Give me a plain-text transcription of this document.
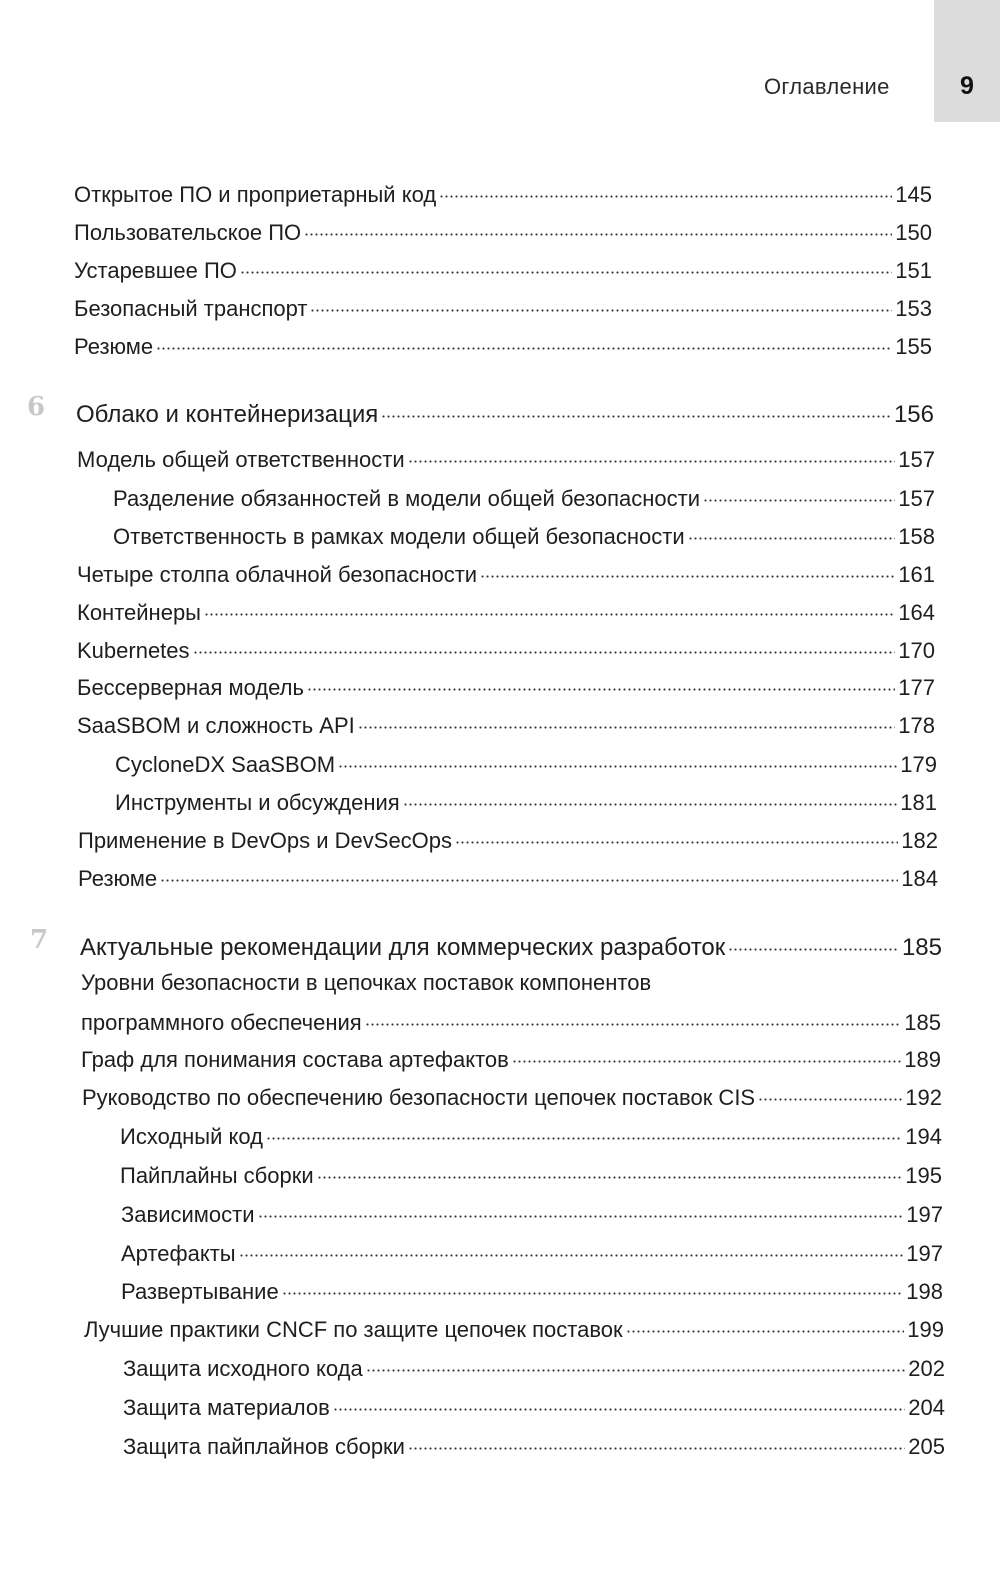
Оглавление	9
Открытое ПО и проприетарный код	145
Пользовательское ПО	150
Устаревшее ПО	151
Безопасный транспорт	153
Резюме	155
6 Облако и контейнеризация	156
Модель общей ответственности	157
Разделение обязанностей в модели общей безопасности	157
Ответственность в рамках модели общей безопасности	158
Четыре столпа облачной безопасности	161
Контейнеры	164
Kubernetes	170
Бессерверная модель	177
SaaSBOM и сложность API	178
CycloneDX SaaSBOM	179
Инструменты и обсуждения	181
Применение в DevOps и DevSecOps	182
Резюме	184
7 Актуальные рекомендации для коммерческих разработок	185
Уровни безопасности в цепочках поставок компонентов
программного обеспечения	185
Граф для понимания состава артефактов	189
Руководство по обеспечению безопасности цепочек поставок CIS	192
Исходный код	194
Пайплайны сборки	195
Зависимости	197
Артефакты	197
Развертывание	198
Лучшие практики CNCF по защите цепочек поставок	199
Защита исходного кода	202
Защита материалов	204
Защита пайплайнов сборки	205
